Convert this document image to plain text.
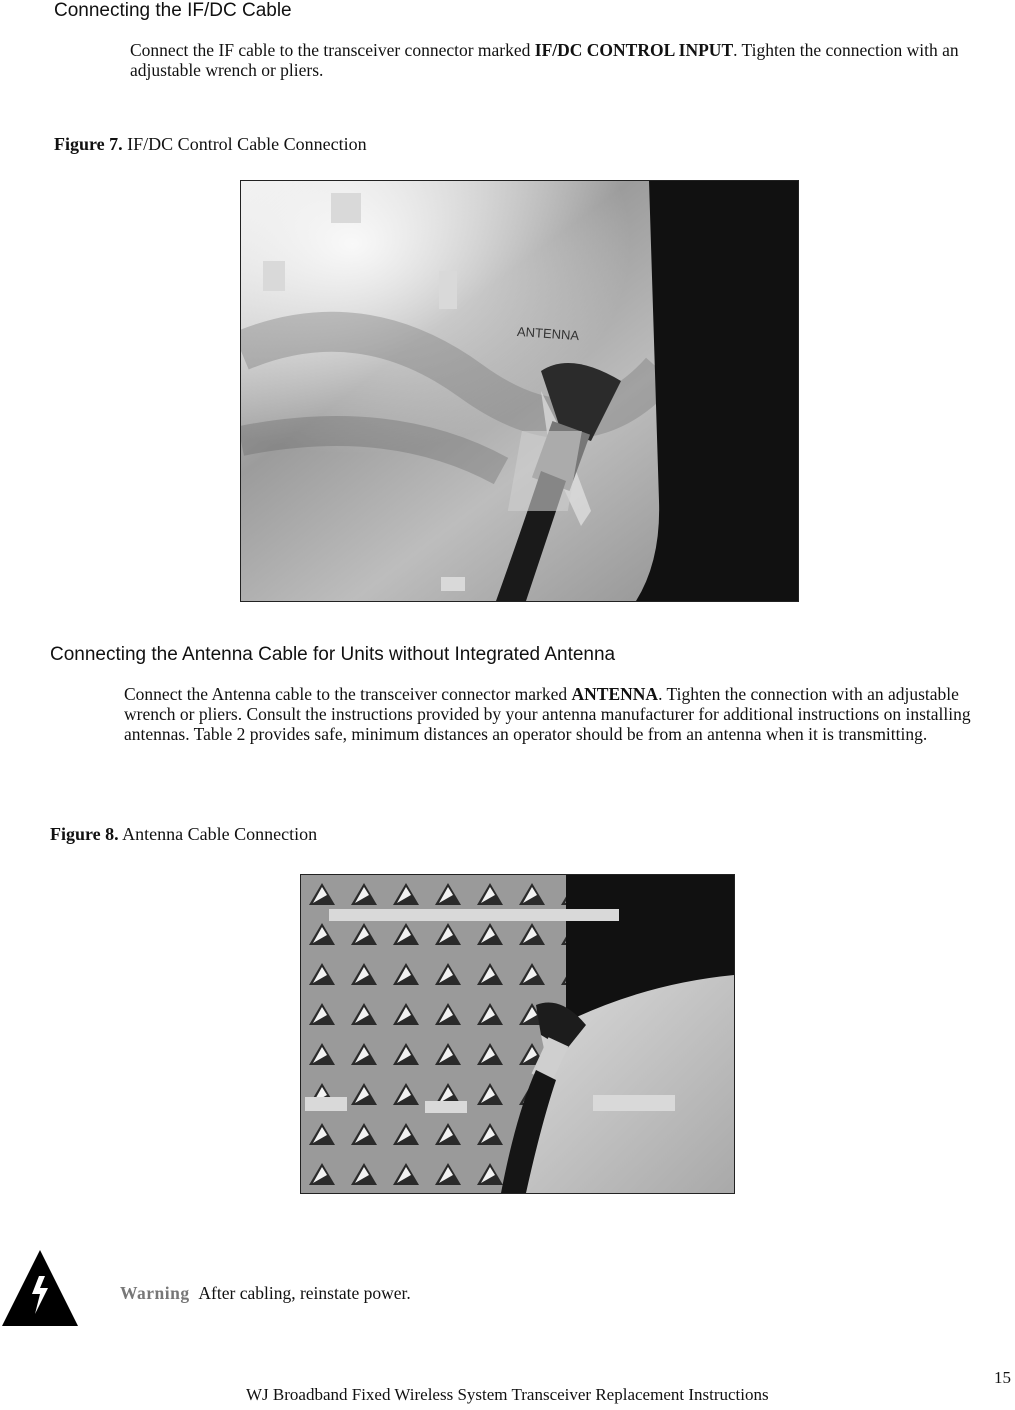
Connecting the IF/DC Cable
Connect the IF cable to the transceiver connector marked IF/DC CONTROL INPUT. Tighten the connection with an adjustable wrench or pliers.
Figure 7. IF/DC Control Cable Connection
ANTENNA
Connecting the Antenna Cable for Units without Integrated Antenna
Connect the Antenna cable to the transceiver connector marked ANTENNA. Tighten the connection with an adjustable wrench or pliers. Consult the instructions provided by your antenna manufacturer for additional instructions on installing antennas. Table 2 provides safe, minimum distances an operator should be from an antenna when it is transmitting.
Figure 8. Antenna Cable Connection
Warning After cabling, reinstate power.
15
WJ Broadband Fixed Wireless System Transceiver Replacement Instructions
